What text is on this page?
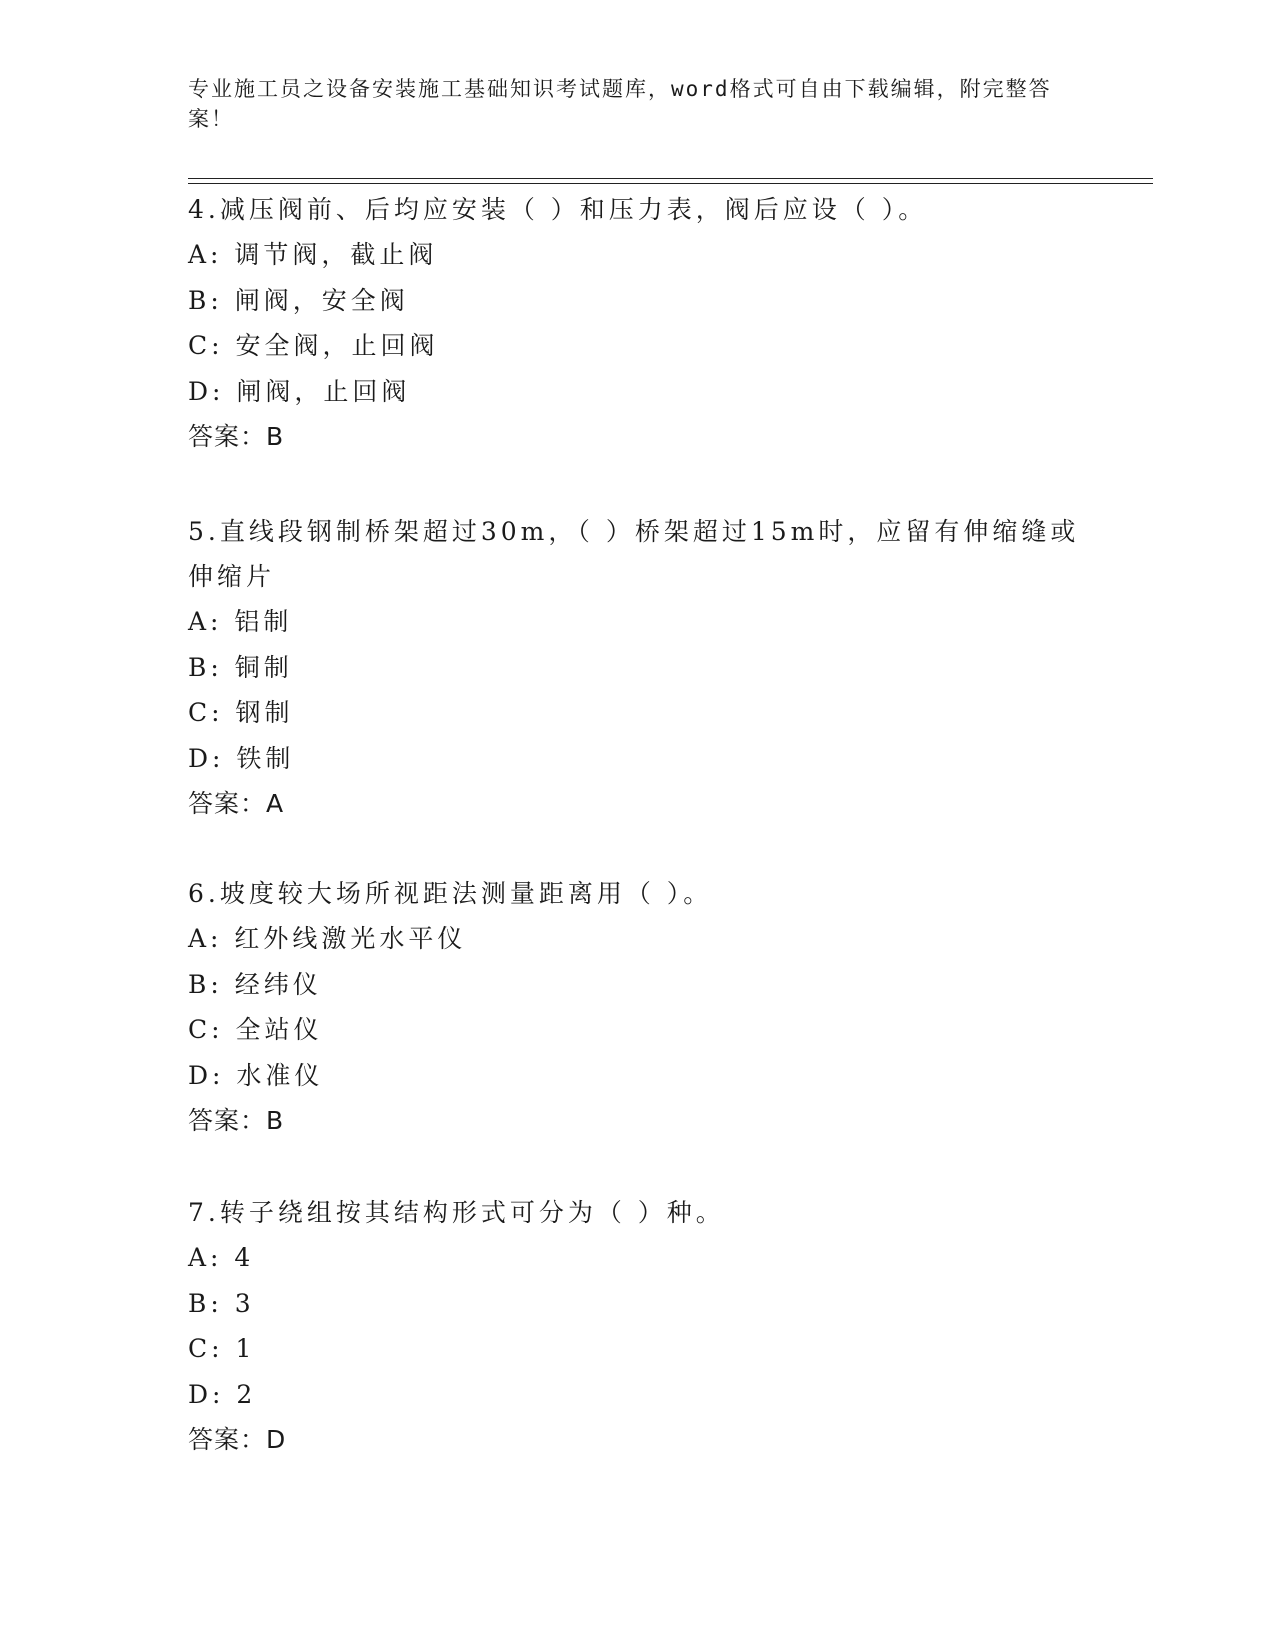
专业施工员之设备安装施工基础知识考试题库，word格式可自由下载编辑，附完整答案！
4.减压阀前、后均应安装（ ）和压力表，阀后应设（ ）。
A: 调节阀，截止阀
B: 闸阀，安全阀
C: 安全阀，止回阀
D: 闸阀，止回阀
答案：B
5.直线段钢制桥架超过30m，（ ）桥架超过15m时，应留有伸缩缝或伸缩片
A: 铝制
B: 铜制
C: 钢制
D: 铁制
答案：A
6.坡度较大场所视距法测量距离用（ ）。
A: 红外线激光水平仪
B: 经纬仪
C: 全站仪
D: 水准仪
答案：B
7.转子绕组按其结构形式可分为（ ）种。
A: 4
B: 3
C: 1
D: 2
答案：D
